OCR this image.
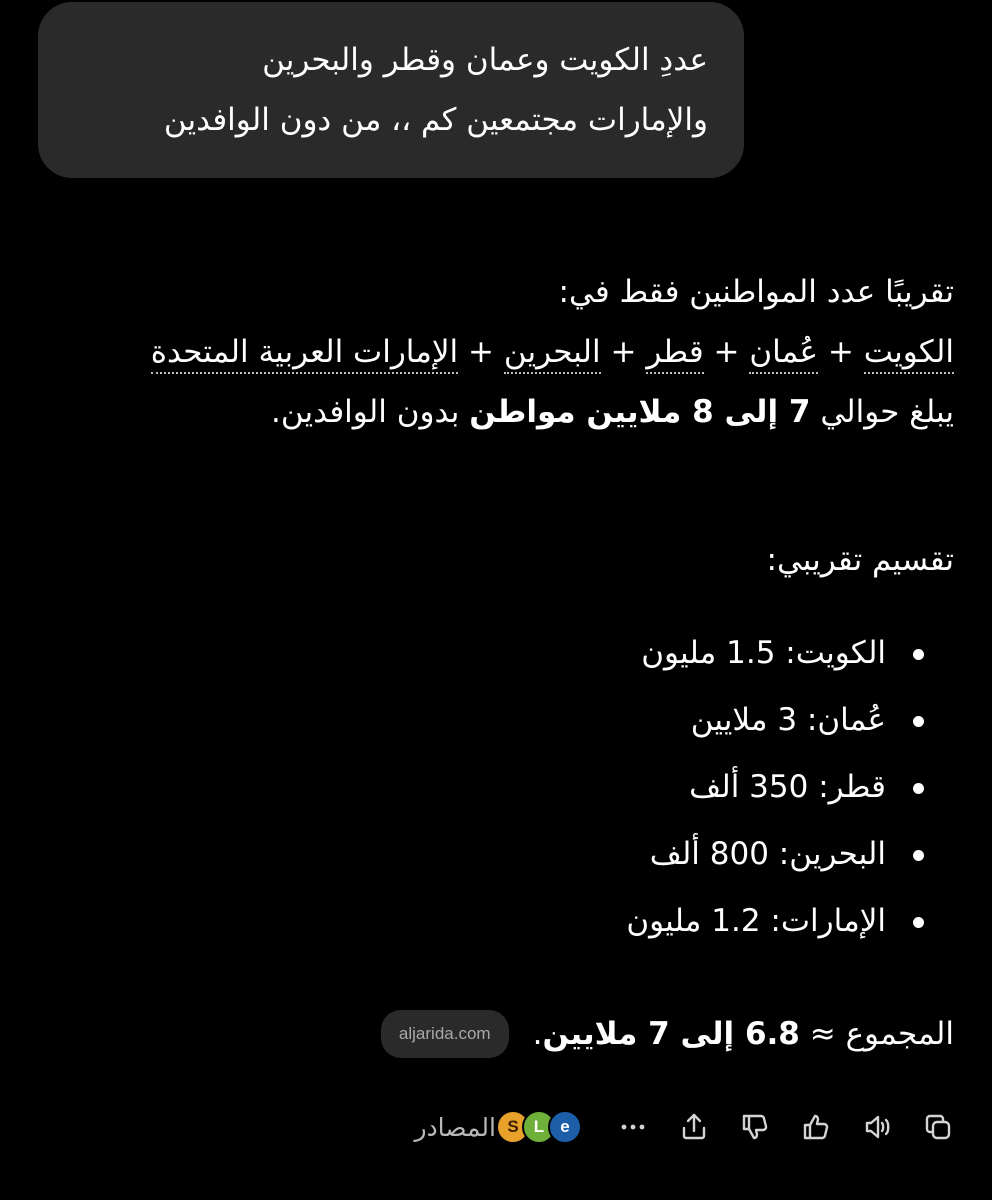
عددِ الكويت وعمان وقطر والبحرين
والإمارات مجتمعين كم ،، من دون الوافدين

تقريبًا عدد المواطنين فقط في:

الكويت + عُمان + قطر + البحرين + الإمارات العربية المتحدة

يبلغ حوالي 7 إلى 8 ملايين مواطن بدون الوافدين.

تقسيم تقريبي:

الكويت: 1.5 مليون
عُمان: 3 ملايين
قطر: 350 ألف
البحرين: 800 ألف
الإمارات: 1.2 مليون
المجموع ≈

6.8 إلى 7 ملايين
.
aljarida.com
S L e
المصادر
